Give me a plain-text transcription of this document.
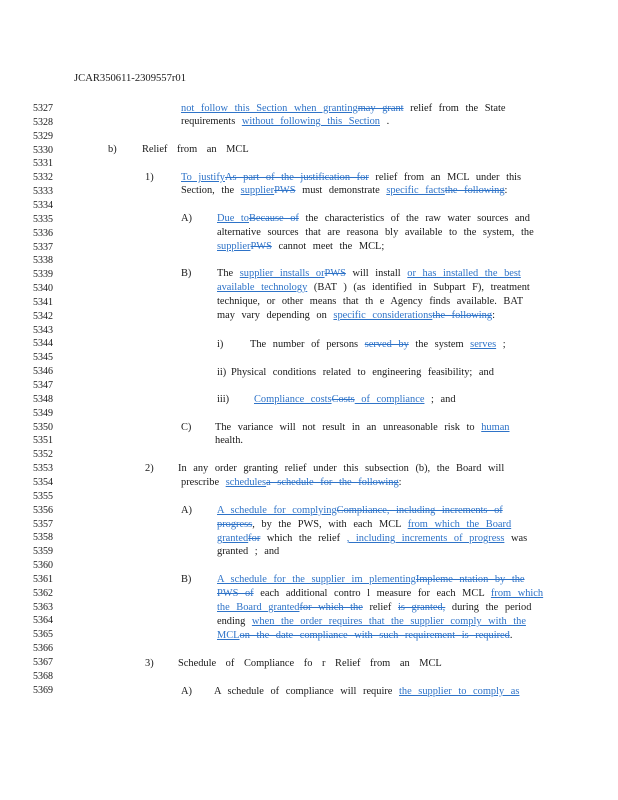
JCAR350611-2309557r01
5327
5328
5329
5330
5331
5332
5333
5334
5335
5336
5337
5338
5339
5340
5341
5342
5343
5344
5345
5346
5347
5348
5349
5350
5351
5352
5353
5354
5355
5356
5357
5358
5359
5360
5361
5362
5363
5364
5365
5366
5367
5368
5369
not follow this Section when grantingmay grant relief from the State
requirements without following this Section .
b) Relief from an MCL
1)	To justifyAs part of the justification for relief from an MCL under this
Section, the supplierPWS must demonstrate specific factsthe following:
A) Due toBecause of the characteristics of the raw water sources and
alternative sources that are reasona bly available to the system, the
supplierPWS cannot meet the MCL;
B) The supplier installs orPWS will install or has installed the best
available technology (BAT ) (as identified in Subpart F), treatment
technique, or other means that th e Agency finds available. BAT
may vary depending on specific considerationsthe following:
i)	The number of persons served by the system serves ;
ii) Physical conditions related to engineering feasibility; and
iii) Compliance costsCosts of compliance ; and
C) The variance will not result in an unreasonable risk to human
health.
2) In any order granting relief under this subsection (b), the Board will
prescribe schedulesa schedule for the following:
A) A schedule for complyingCompliance, including increments of
progress, by the PWS, with each MCL from which the Board
grantedfor which the relief , including increments of progress was
granted ; and
B) A schedule for the supplier im plementingImpleme ntation by the
PWS of each additional contro l measure for each MCL from which
the Board grantedfor which the relief is granted, during the period
ending when the order requires that the supplier comply with the
MCLon the date compliance with such requirement is required.
3) Schedule of Compliance fo r Relief from an MCL
A) A schedule of compliance will require the supplier to comply as
